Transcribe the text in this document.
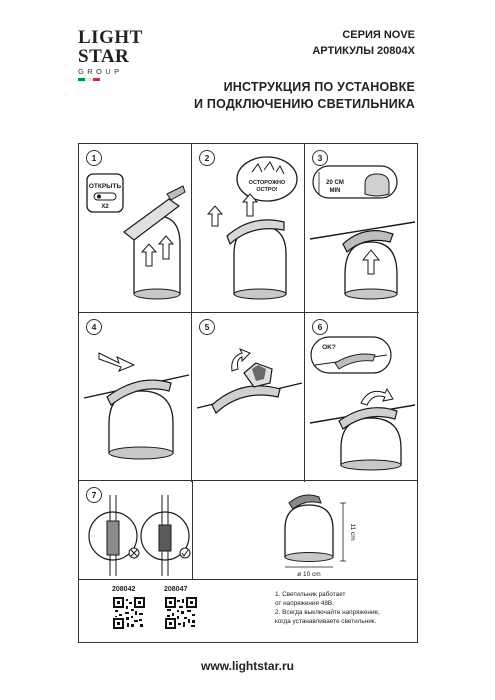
LIGHT
STAR
GROUP
СЕРИЯ NOVE
АРТИКУЛЫ 20804X
ИНСТРУКЦИЯ ПО УСТАНОВКЕ
И ПОДКЛЮЧЕНИЮ СВЕТИЛЬНИКА
1
ОТКРЫТЬ
X2
2
ОСТОРОЖНО
ОСТРО!
3
20 CM
MIN
4	5	6
OK?
7
11 cm
ø 10 cm
208042	208047
1. Светильник работает
от напряжения 48В.
2. Всегда выключайте напряжение,
когда устанавливаете светильник.
www.lightstar.ru
